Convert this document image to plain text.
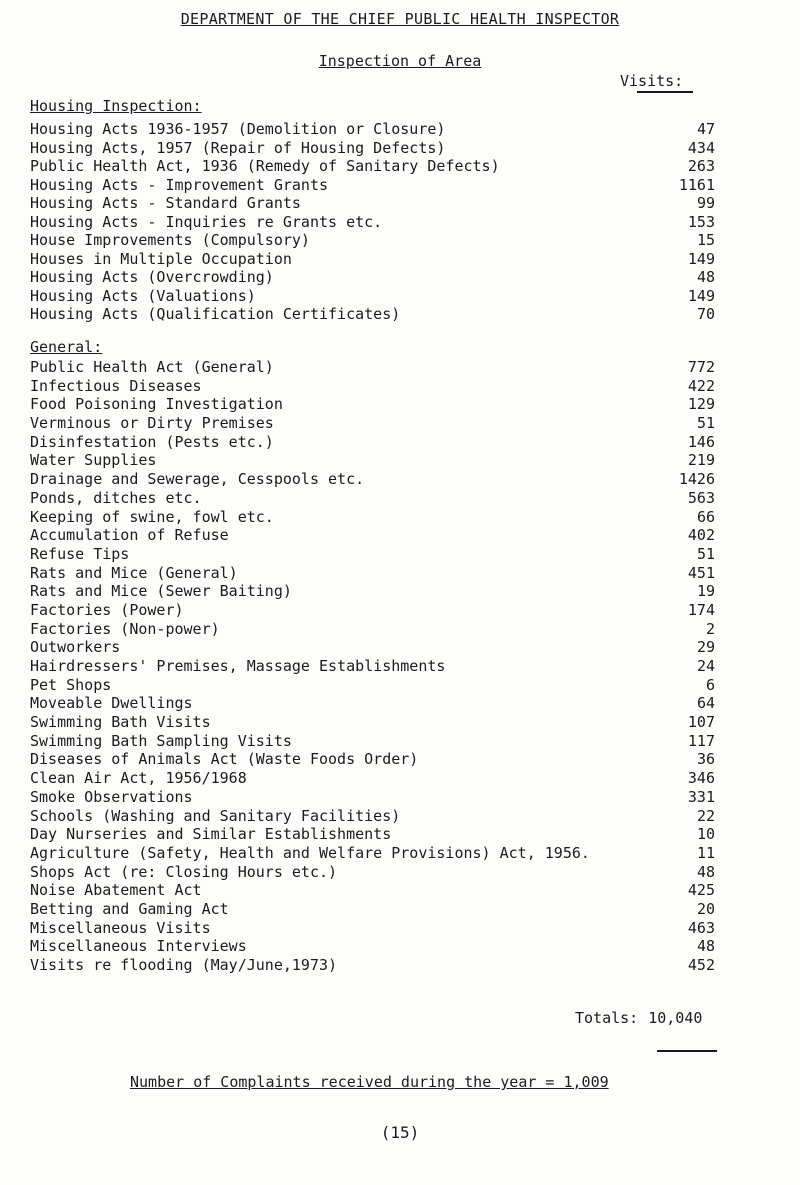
DEPARTMENT OF THE CHIEF PUBLIC HEALTH INSPECTOR
Inspection of Area
Visits:
Housing Inspection:
Housing Acts 1936-1957 (Demolition or Closure)	47
Housing Acts, 1957 (Repair of Housing Defects)	434
Public Health Act, 1936 (Remedy of Sanitary Defects)	263
Housing Acts - Improvement Grants	1161
Housing Acts - Standard Grants	99
Housing Acts - Inquiries re Grants etc.	153
House Improvements (Compulsory)	15
Houses in Multiple Occupation	149
Housing Acts (Overcrowding)	48
Housing Acts (Valuations)	149
Housing Acts (Qualification Certificates)	70
General:
Public Health Act (General)	772
Infectious Diseases	422
Food Poisoning Investigation	129
Verminous or Dirty Premises	51
Disinfestation (Pests etc.)	146
Water Supplies	219
Drainage and Sewerage, Cesspools etc.	1426
Ponds, ditches etc.	563
Keeping of swine, fowl etc.	66
Accumulation of Refuse	402
Refuse Tips	51
Rats and Mice (General)	451
Rats and Mice (Sewer Baiting)	19
Factories (Power)	174
Factories (Non-power)	2
Outworkers	29
Hairdressers' Premises, Massage Establishments	24
Pet Shops	6
Moveable Dwellings	64
Swimming Bath Visits	107
Swimming Bath Sampling Visits	117
Diseases of Animals Act (Waste Foods Order)	36
Clean Air Act, 1956/1968	346
Smoke Observations	331
Schools (Washing and Sanitary Facilities)	22
Day Nurseries and Similar Establishments	10
Agriculture (Safety, Health and Welfare Provisions) Act, 1956.	11
Shops Act (re: Closing Hours etc.)	48
Noise Abatement Act	425
Betting and Gaming Act	20
Miscellaneous Visits	463
Miscellaneous Interviews	48
Visits re flooding (May/June,1973)	452
Totals: 10,040
Number of Complaints received during the year = 1,009
(15)
